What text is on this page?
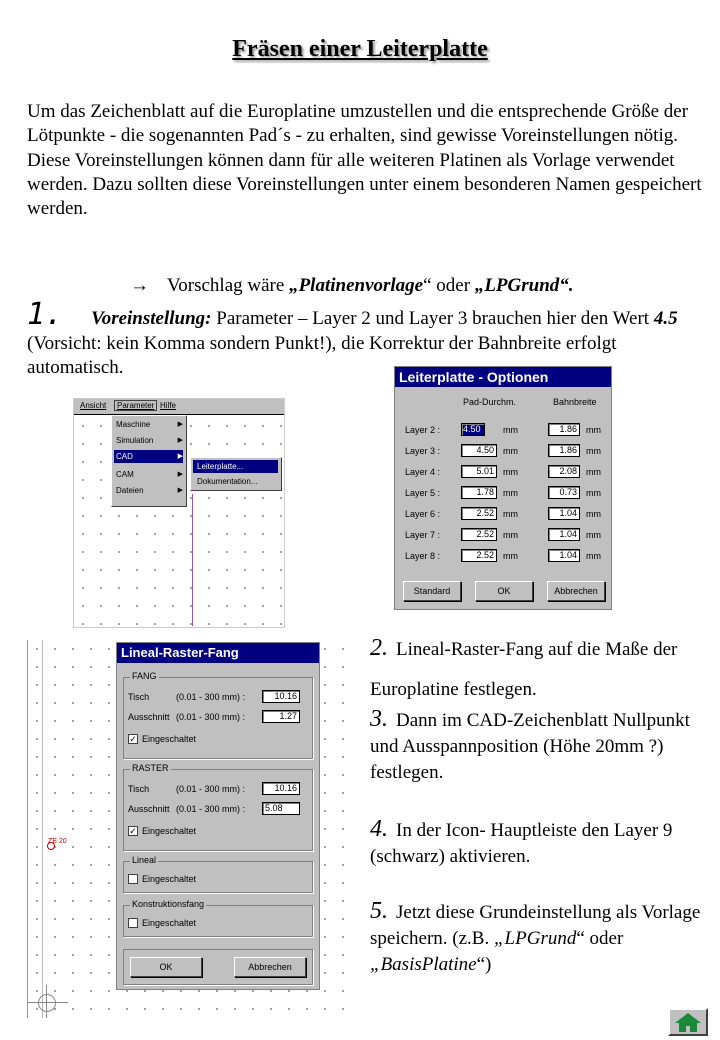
Fräsen einer Leiterplatte
Um das Zeichenblatt auf die Europlatine umzustellen und die entsprechende Größe der Lötpunkte - die sogenannten Pad´s - zu erhalten, sind gewisse Voreinstellungen nötig. Diese Voreinstellungen können dann für alle weiteren Platinen als Vorlage verwendet werden. Dazu sollten diese Voreinstellungen unter einem besonderen Namen gespeichert werden.
→ Vorschlag wäre „Platinenvorlage“ oder „LPGrund“.
1. Voreinstellung: Parameter – Layer 2 und Layer 3 brauchen hier den Wert 4.5 (Vorsicht: kein Komma sondern Punkt!), die Korrektur der Bahnbreite erfolgt automatisch.
Ansicht	Parameter Hilfe
Maschine	▶
Simulation	▶
CAD	▶
CAM	▶
Dateien	▶
Leiterplatte...
Dokumentation...
Leiterplatte - Optionen
Pad-Durchm.	Bahnbreite
Layer 2 :	4.50	mm	1.86	mm
Layer 3 :	4.50	mm	1.86	mm
Layer 4 :	5.01	mm	2.08	mm
Layer 5 :	1.78	mm	0.73	mm
Layer 6 :	2.52	mm	1.04	mm
Layer 7 :	2.52	mm	1.04	mm
Layer 8 :	2.52	mm	1.04	mm
Standard	OK	Abbrechen
ZE 20
Lineal-Raster-Fang
FANG
Tisch	(0.01 - 300 mm) :	10.16
Ausschnitt (0.01 - 300 mm) :	1.27
✓ Eingeschaltet
RASTER
Tisch	(0.01 - 300 mm) :	10.16
Ausschnitt (0.01 - 300 mm) :	5.08
✓ Eingeschaltet
Lineal
Eingeschaltet
Konstruktionsfang
Eingeschaltet
OK	Abbrechen
2. Lineal-Raster-Fang auf die Maße der Europlatine festlegen.
3. Dann im CAD-Zeichenblatt Nullpunkt und Ausspannposition (Höhe 20mm ?) festlegen.
4. In der Icon- Hauptleiste den Layer 9 (schwarz) aktivieren.
5. Jetzt diese Grundeinstellung als Vorlage speichern. (z.B. „LPGrund“ oder „BasisPlatine“)
